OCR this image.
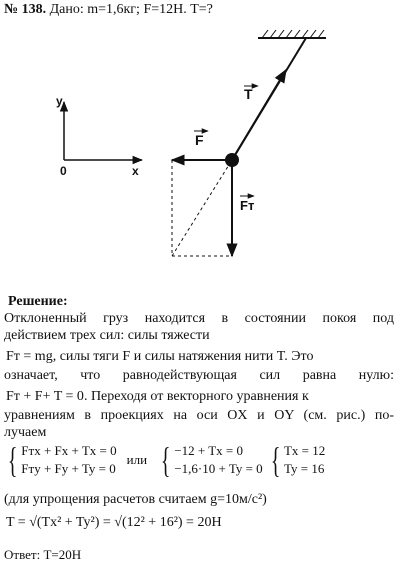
№ 138. Дано: m=1,6кг; F=12Н. T=?
y
x
0
T
F
Fт
Решение:
Отклоненный груз находится в состоянии покоя под
действием трех сил: силы тяжести
Fт = mg, силы тяги F и силы натяжения нити T. Это
означает, что равнодействующая сил равна нулю:
Fт + F+ T = 0. Переходя от векторного уравнения к
уравнениям в проекциях на оси OX и OY (см. рис.) по-
лучаем
{ Fтx + Fx + Tx = 0
Fтy + Fy + Ty = 0
или { −12 + Tx = 0
−1,6·10 + Ty = 0 { Tx = 12
Ty = 16
(для упрощения расчетов считаем g=10м/c²)
T = √(Tx² + Ty²) = √(12² + 16²) = 20Н
Ответ: T=20Н
